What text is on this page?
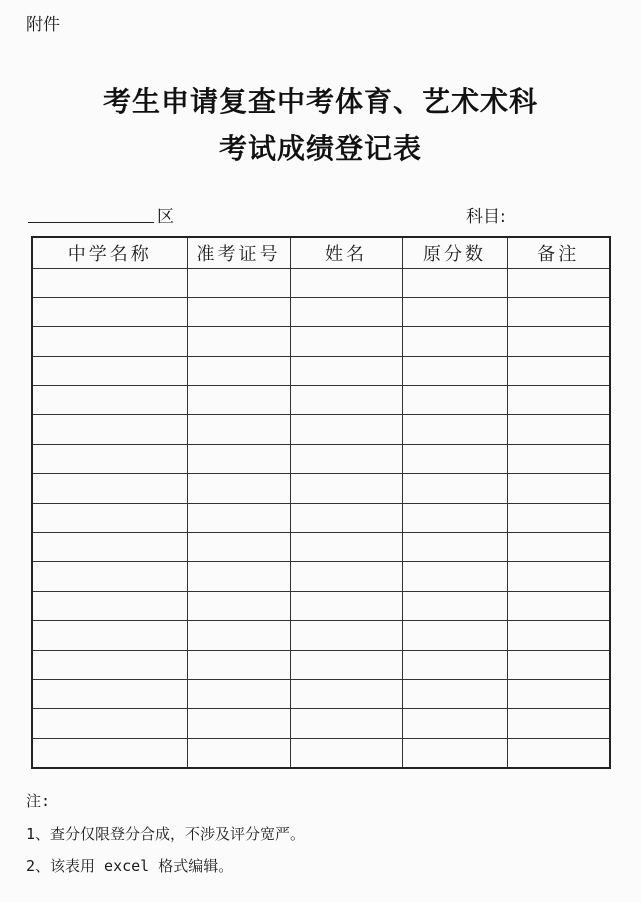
附件
考生申请复查中考体育、艺术术科
考试成绩登记表
区	科目:
中学名称	准考证号	姓名	原分数	备注

注:
1、查分仅限登分合成，不涉及评分宽严。
2、该表用 excel 格式编辑。
